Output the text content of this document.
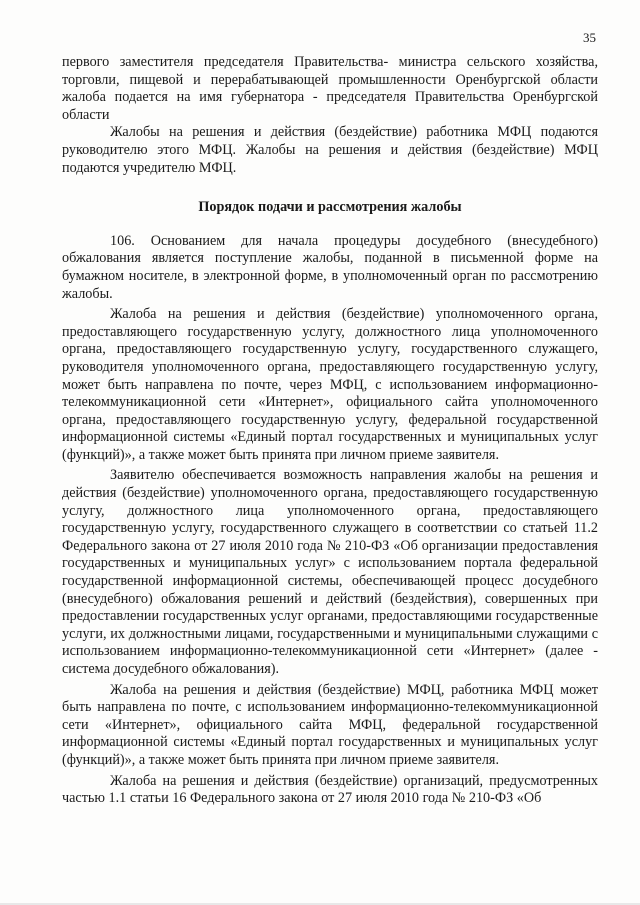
35

первого заместителя председателя Правительства- министра сельского хозяйства, торговли, пищевой и перерабатывающей промышленности Оренбургской области жалоба подается на имя губернатора - председателя Правительства Оренбургской области

Жалобы на решения и действия (бездействие) работника МФЦ подаются руководителю этого МФЦ. Жалобы на решения и действия (бездействие) МФЦ подаются учредителю МФЦ.

Порядок подачи и рассмотрения жалобы

106. Основанием для начала процедуры досудебного (внесудебного) обжалования является поступление жалобы, поданной в письменной форме на бумажном носителе, в электронной форме, в уполномоченный орган по рассмотрению жалобы.

Жалоба на решения и действия (бездействие) уполномоченного органа, предоставляющего государственную услугу, должностного лица уполномоченного органа, предоставляющего государственную услугу, государственного служащего, руководителя уполномоченного органа, предоставляющего государственную услугу, может быть направлена по почте, через МФЦ, с использованием информационно-телекоммуникационной сети «Интернет», официального сайта уполномоченного органа, предоставляющего государственную услугу, федеральной государственной информационной системы «Единый портал государственных и муниципальных услуг (функций)», а также может быть принята при личном приеме заявителя.

Заявителю обеспечивается возможность направления жалобы на решения и действия (бездействие) уполномоченного органа, предоставляющего государственную услугу, должностного лица уполномоченного органа, предоставляющего государственную услугу, государственного служащего в соответствии со статьей 11.2 Федерального закона от 27 июля 2010 года № 210-ФЗ «Об организации предоставления государственных и муниципальных услуг» с использованием портала федеральной государственной информационной системы, обеспечивающей процесс досудебного (внесудебного) обжалования решений и действий (бездействия), совершенных при предоставлении государственных услуг органами, предоставляющими государственные услуги, их должностными лицами, государственными и муниципальными служащими с использованием информационно-телекоммуникационной сети «Интернет» (далее - система досудебного обжалования).

Жалоба на решения и действия (бездействие) МФЦ, работника МФЦ может быть направлена по почте, с использованием информационно-телекоммуникационной сети «Интернет», официального сайта МФЦ, федеральной государственной информационной системы «Единый портал государственных и муниципальных услуг (функций)», а также может быть принята при личном приеме заявителя.

Жалоба на решения и действия (бездействие) организаций, предусмотренных частью 1.1 статьи 16 Федерального закона от 27 июля 2010 года № 210-ФЗ «Об
